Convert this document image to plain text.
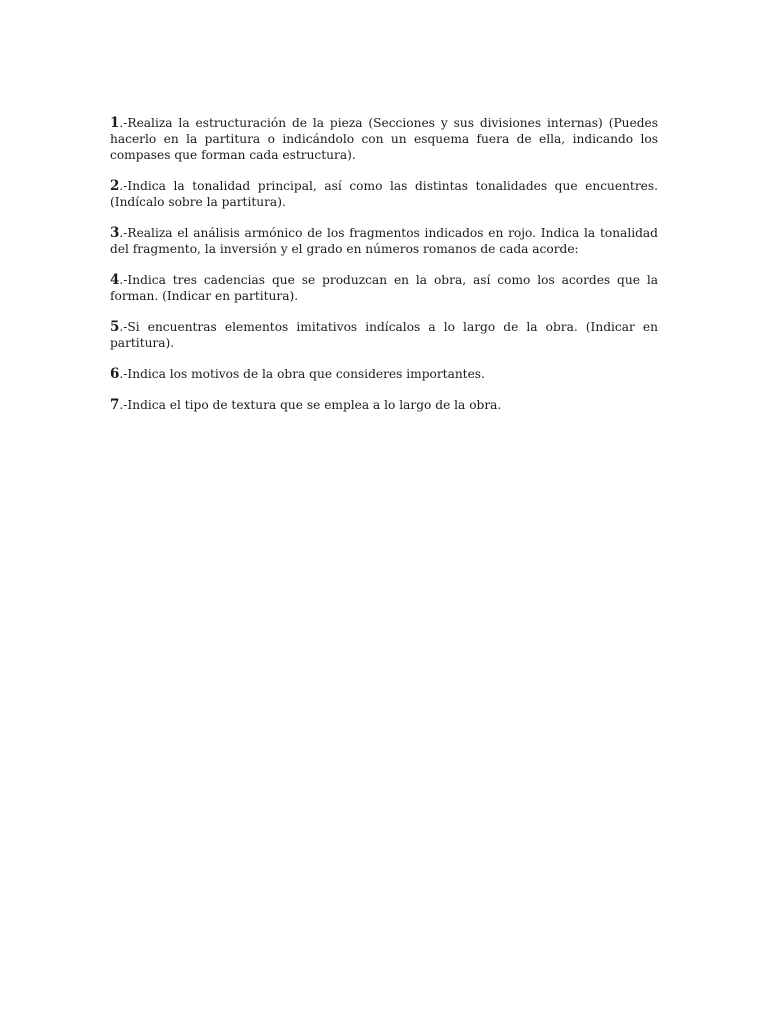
1.-Realiza la estructuración de la pieza (Secciones y sus divisiones internas) (Puedes hacerlo en la partitura o indicándolo con un esquema fuera de ella, indicando los compases que forman cada estructura).

2.-Indica la tonalidad principal, así como las distintas tonalidades que encuentres. (Indícalo sobre la partitura).

3.-Realiza el análisis armónico de los fragmentos indicados en rojo. Indica la tonalidad del fragmento, la inversión y el grado en números romanos de cada acorde:

4.-Indica tres cadencias que se produzcan en la obra, así como los acordes que la forman. (Indicar en partitura).

5.-Si encuentras elementos imitativos indícalos a lo largo de la obra. (Indicar en partitura).

6.-Indica los motivos de la obra que consideres importantes.

7.-Indica el tipo de textura que se emplea a lo largo de la obra.
